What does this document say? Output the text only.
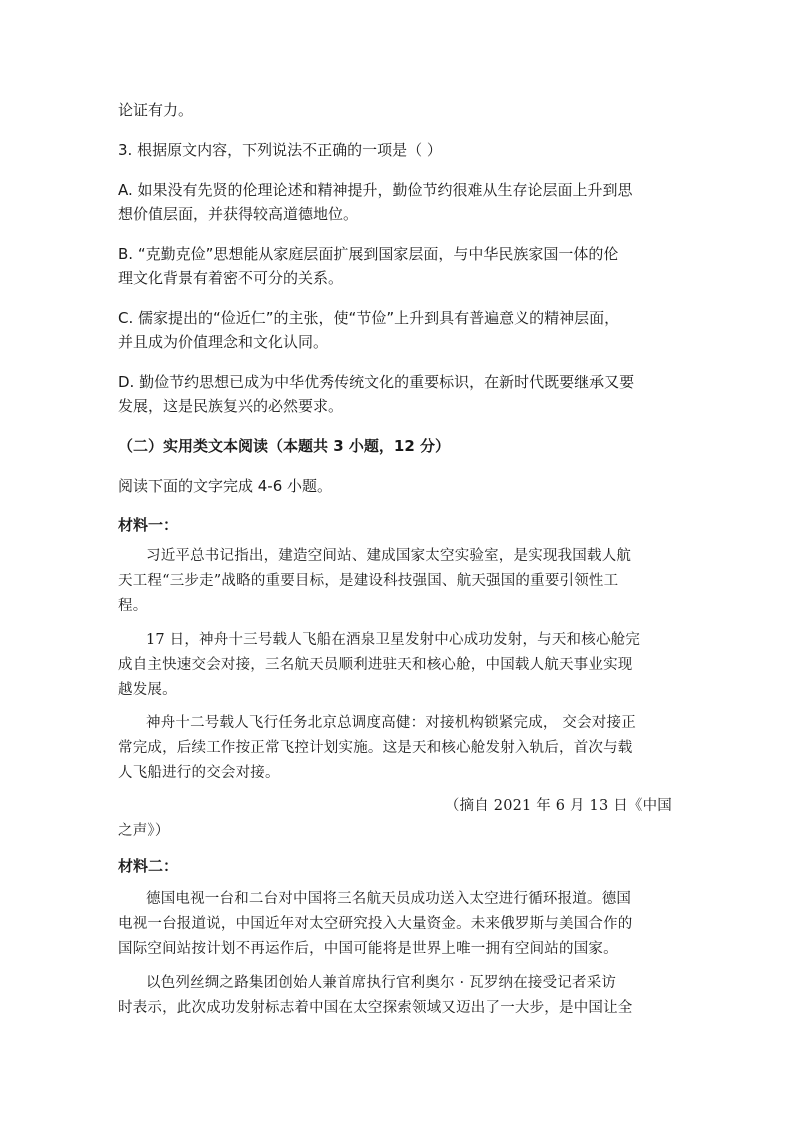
论证有力。
3. 根据原文内容，下列说法不正确的一项是（ ）
A. 如果没有先贤的伦理论述和精神提升，勤俭节约很难从生存论层面上升到思
想价值层面，并获得较高道德地位。
B. “克勤克俭”思想能从家庭层面扩展到国家层面，与中华民族家国一体的伦
理文化背景有着密不可分的关系。
C. 儒家提出的“俭近仁”的主张，使“节俭”上升到具有普遍意义的精神层面，
并且成为价值理念和文化认同。
D. 勤俭节约思想已成为中华优秀传统文化的重要标识，在新时代既要继承又要
发展，这是民族复兴的必然要求。
（二）实用类文本阅读（本题共 3 小题，12 分）
阅读下面的文字完成 4-6 小题。
材料一：
习近平总书记指出，建造空间站、建成国家太空实验室，是实现我国载人航
天工程“三步走”战略的重要目标，是建设科技强国、航天强国的重要引领性工
程。
17 日，神舟十三号载人飞船在酒泉卫星发射中心成功发射，与天和核心舱完
成自主快速交会对接，三名航天员顺利进驻天和核心舱，中国载人航天事业实现
越发展。
神舟十二号载人飞行任务北京总调度高健：对接机构锁紧完成， 交会对接正
常完成，后续工作按正常飞控计划实施。这是天和核心舱发射入轨后，首次与载
人飞船进行的交会对接。
（摘自 2021 年 6 月 13 日《中国
之声》）
材料二：
德国电视一台和二台对中国将三名航天员成功送入太空进行循环报道。德国
电视一台报道说，中国近年对太空研究投入大量资金。未来俄罗斯与美国合作的
国际空间站按计划不再运作后，中国可能将是世界上唯一拥有空间站的国家。
以色列丝绸之路集团创始人兼首席执行官利奥尔 · 瓦罗纳在接受记者采访
时表示，此次成功发射标志着中国在太空探索领域又迈出了一大步，是中国让全
